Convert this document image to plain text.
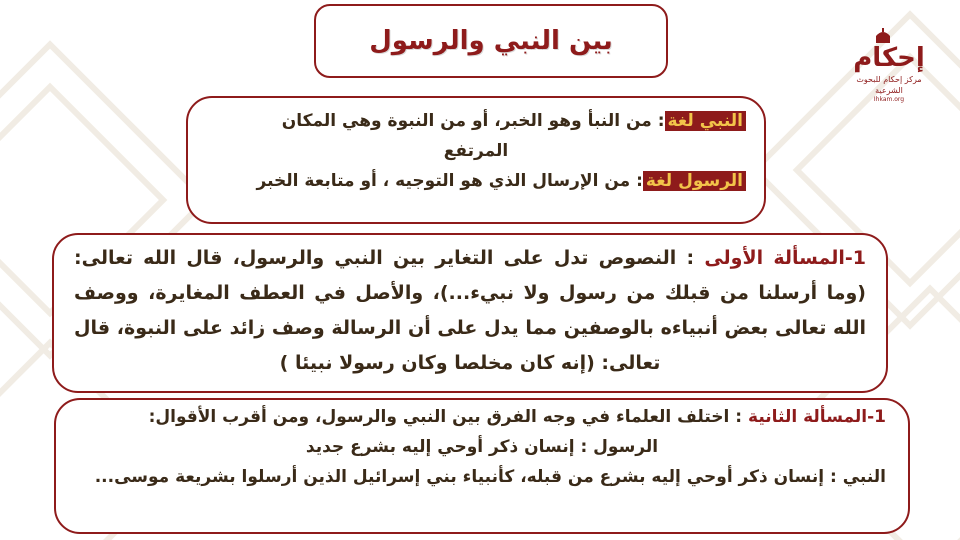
بين النبي والرسول
إحكام
مركز إحكام للبحوث الشرعية
Ihkam.org
النبي لغة: من النبأ وهو الخبر، أو من النبوة وهي المكان
المرتفع
الرسول لغة: من الإرسال الذي هو التوجيه ، أو متابعة الخبر
1-المسألة الأولى : النصوص تدل على التغاير بين النبي والرسول، قال الله تعالى: (وما أرسلنا من قبلك من رسول ولا نبيء...)، والأصل في العطف المغايرة، ووصف الله تعالى بعض أنبياءه بالوصفين مما يدل على أن الرسالة وصف زائد على النبوة، قال تعالى: (إنه كان مخلصا وكان رسولا نبيئا )
1-المسألة الثانية : اختلف العلماء في وجه الفرق بين النبي والرسول، ومن أقرب الأقوال:
الرسول : إنسان ذكر أوحي إليه بشرع جديد
النبي : إنسان ذكر أوحي إليه بشرع من قبله، كأنبياء بني إسرائيل الذين أرسلوا بشريعة موسى...
